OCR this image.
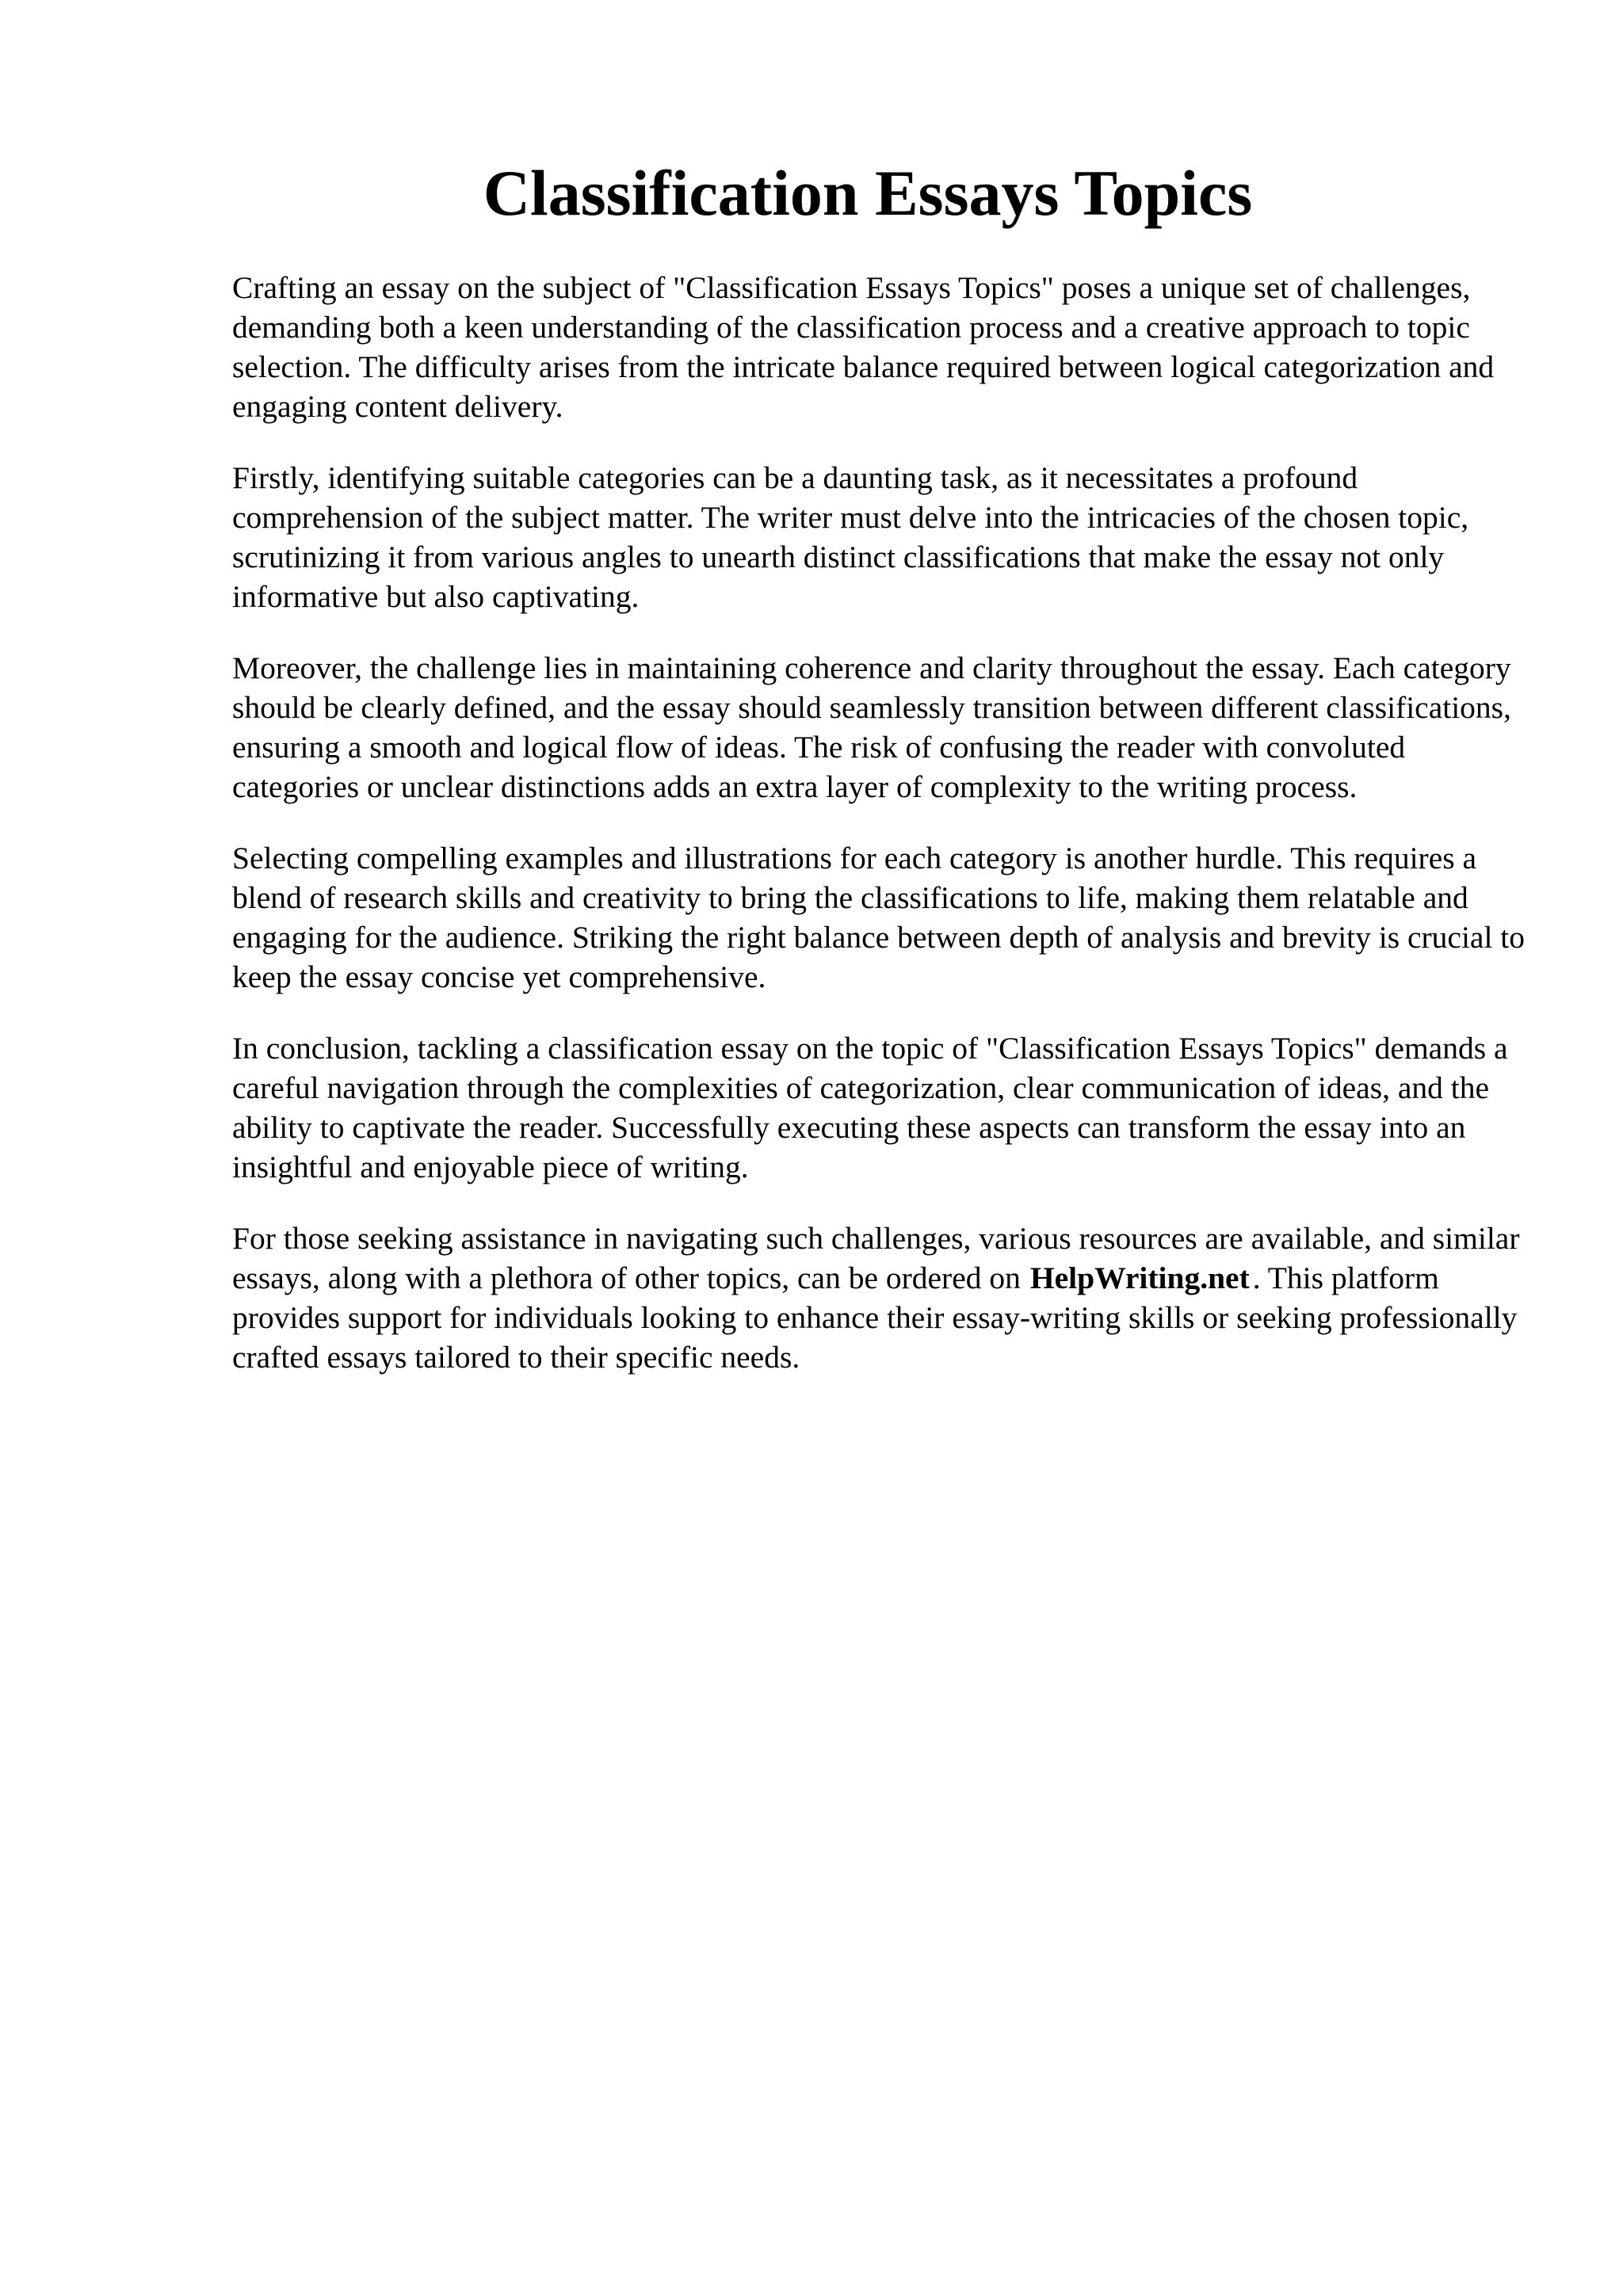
Classification Essays Topics

Crafting an essay on the subject of "Classification Essays Topics" poses a unique set of challenges, demanding both a keen understanding of the classification process and a creative approach to topic selection. The difficulty arises from the intricate balance required between logical categorization and engaging content delivery.

Firstly, identifying suitable categories can be a daunting task, as it necessitates a profound comprehension of the subject matter. The writer must delve into the intricacies of the chosen topic, scrutinizing it from various angles to unearth distinct classifications that make the essay not only informative but also captivating.

Moreover, the challenge lies in maintaining coherence and clarity throughout the essay. Each category should be clearly defined, and the essay should seamlessly transition between different classifications, ensuring a smooth and logical flow of ideas. The risk of confusing the reader with convoluted categories or unclear distinctions adds an extra layer of complexity to the writing process.

Selecting compelling examples and illustrations for each category is another hurdle. This requires a blend of research skills and creativity to bring the classifications to life, making them relatable and engaging for the audience. Striking the right balance between depth of analysis and brevity is crucial to keep the essay concise yet comprehensive.

In conclusion, tackling a classification essay on the topic of "Classification Essays Topics" demands a careful navigation through the complexities of categorization, clear communication of ideas, and the ability to captivate the reader. Successfully executing these aspects can transform the essay into an insightful and enjoyable piece of writing.

For those seeking assistance in navigating such challenges, various resources are available, and similar essays, along with a plethora of other topics, can be ordered on HelpWriting.net . This platform provides support for individuals looking to enhance their essay-writing skills or seeking professionally crafted essays tailored to their specific needs.
